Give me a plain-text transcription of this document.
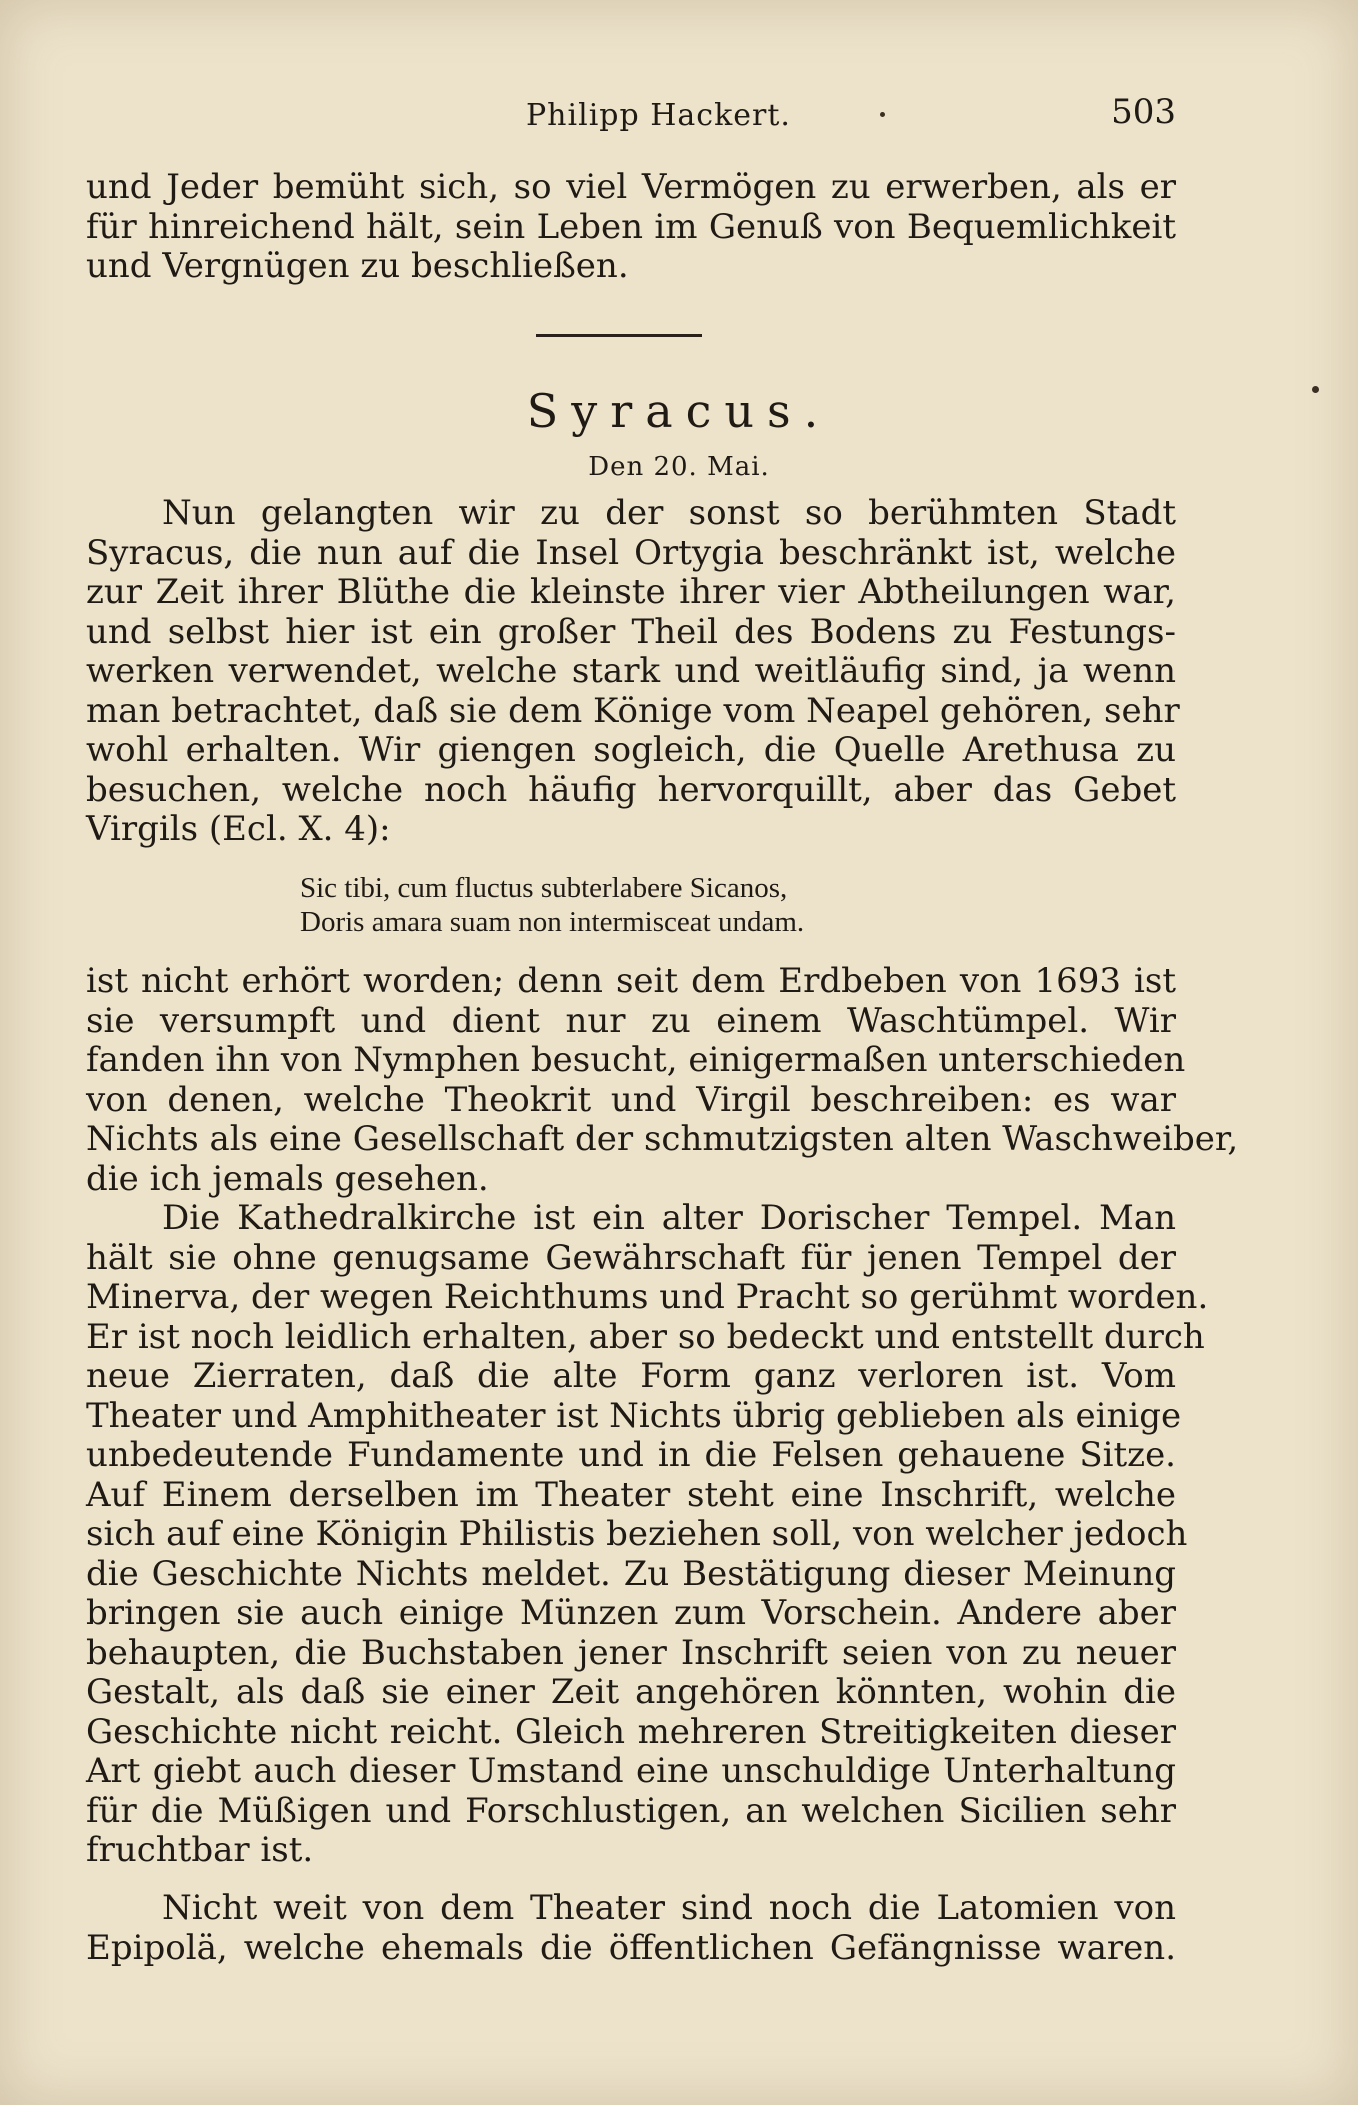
Philipp Hackert.	503
und Jeder bemüht sich, so viel Vermögen zu erwerben, als er
für hinreichend hält, sein Leben im Genuß von Bequemlichkeit
und Vergnügen zu beschließen.
Syracus.
Den 20. Mai.
Nun gelangten wir zu der sonst so berühmten Stadt
Syracus, die nun auf die Insel Ortygia beschränkt ist, welche
zur Zeit ihrer Blüthe die kleinste ihrer vier Abtheilungen war,
und selbst hier ist ein großer Theil des Bodens zu Festungs-
werken verwendet, welche stark und weitläufig sind, ja wenn
man betrachtet, daß sie dem Könige vom Neapel gehören, sehr
wohl erhalten. Wir giengen sogleich, die Quelle Arethusa zu
besuchen, welche noch häufig hervorquillt, aber das Gebet
Virgils (Ecl. X. 4):
Sic tibi, cum fluctus subterlabere Sicanos,
Doris amara suam non intermisceat undam.
ist nicht erhört worden; denn seit dem Erdbeben von 1693 ist
sie versumpft und dient nur zu einem Waschtümpel. Wir
fanden ihn von Nymphen besucht, einigermaßen unterschieden
von denen, welche Theokrit und Virgil beschreiben: es war
Nichts als eine Gesellschaft der schmutzigsten alten Waschweiber,
die ich jemals gesehen.
Die Kathedralkirche ist ein alter Dorischer Tempel. Man
hält sie ohne genugsame Gewährschaft für jenen Tempel der
Minerva, der wegen Reichthums und Pracht so gerühmt worden.
Er ist noch leidlich erhalten, aber so bedeckt und entstellt durch
neue Zierraten, daß die alte Form ganz verloren ist. Vom
Theater und Amphitheater ist Nichts übrig geblieben als einige
unbedeutende Fundamente und in die Felsen gehauene Sitze.
Auf Einem derselben im Theater steht eine Inschrift, welche
sich auf eine Königin Philistis beziehen soll, von welcher jedoch
die Geschichte Nichts meldet. Zu Bestätigung dieser Meinung
bringen sie auch einige Münzen zum Vorschein. Andere aber
behaupten, die Buchstaben jener Inschrift seien von zu neuer
Gestalt, als daß sie einer Zeit angehören könnten, wohin die
Geschichte nicht reicht. Gleich mehreren Streitigkeiten dieser
Art giebt auch dieser Umstand eine unschuldige Unterhaltung
für die Müßigen und Forschlustigen, an welchen Sicilien sehr
fruchtbar ist.
Nicht weit von dem Theater sind noch die Latomien von
Epipolä, welche ehemals die öffentlichen Gefängnisse waren.
